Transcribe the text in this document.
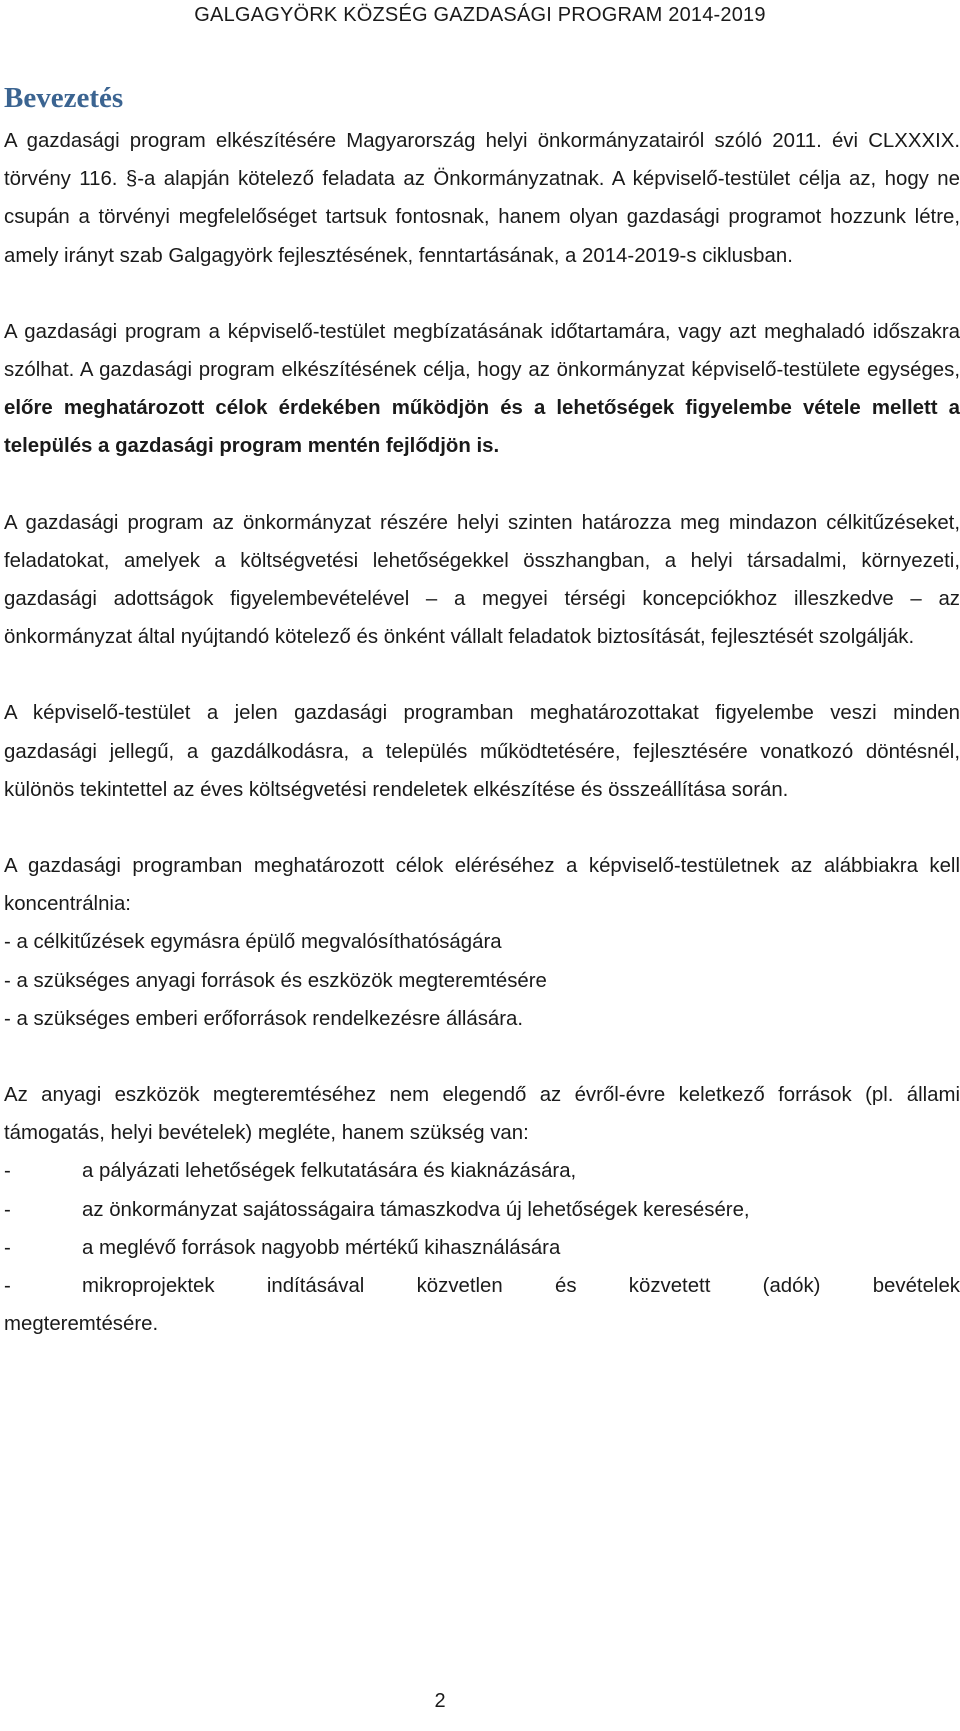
GALGAGYÖRK KÖZSÉG GAZDASÁGI PROGRAM 2014-2019
Bevezetés

A gazdasági program elkészítésére Magyarország helyi önkormányzatairól szóló 2011. évi CLXXXIX. törvény 116. §-a alapján kötelező feladata az Önkormányzatnak. A képviselő-testület célja az, hogy ne csupán a törvényi megfelelőséget tartsuk fontosnak, hanem olyan gazdasági programot hozzunk létre, amely irányt szab Galgagyörk fejlesztésének, fenntartásának, a 2014-2019-s ciklusban.

A gazdasági program a képviselő-testület megbízatásának időtartamára, vagy azt meghaladó időszakra szólhat. A gazdasági program elkészítésének célja, hogy az önkormányzat képviselő-testülete egységes, előre meghatározott célok érdekében működjön és a lehetőségek figyelembe vétele mellett a település a gazdasági program mentén fejlődjön is.

A gazdasági program az önkormányzat részére helyi szinten határozza meg mindazon célkitűzéseket, feladatokat, amelyek a költségvetési lehetőségekkel összhangban, a helyi társadalmi, környezeti, gazdasági adottságok figyelembevételével – a megyei térségi koncepciókhoz illeszkedve – az önkormányzat által nyújtandó kötelező és önként vállalt feladatok biztosítását, fejlesztését szolgálják.

A képviselő-testület a jelen gazdasági programban meghatározottakat figyelembe veszi minden gazdasági jellegű, a gazdálkodásra, a település működtetésére, fejlesztésére vonatkozó döntésnél, különös tekintettel az éves költségvetési rendeletek elkészítése és összeállítása során.

A gazdasági programban meghatározott célok eléréséhez a képviselő-testületnek az alábbiakra kell koncentrálnia:

- a célkitűzések egymásra épülő megvalósíthatóságára

- a szükséges anyagi források és eszközök megteremtésére

- a szükséges emberi erőforrások rendelkezésre állására.

Az anyagi eszközök megteremtéséhez nem elegendő az évről-évre keletkező források (pl. állami támogatás, helyi bevételek) megléte, hanem szükség van:

-	a pályázati lehetőségek felkutatására és kiaknázására,
-	az önkormányzat sajátosságaira támaszkodva új lehetőségek keresésére,
-	a meglévő források nagyobb mértékű kihasználására
-	mikroprojektek indításával közvetlen és közvetett (adók) bevételek

megteremtésére.

2
